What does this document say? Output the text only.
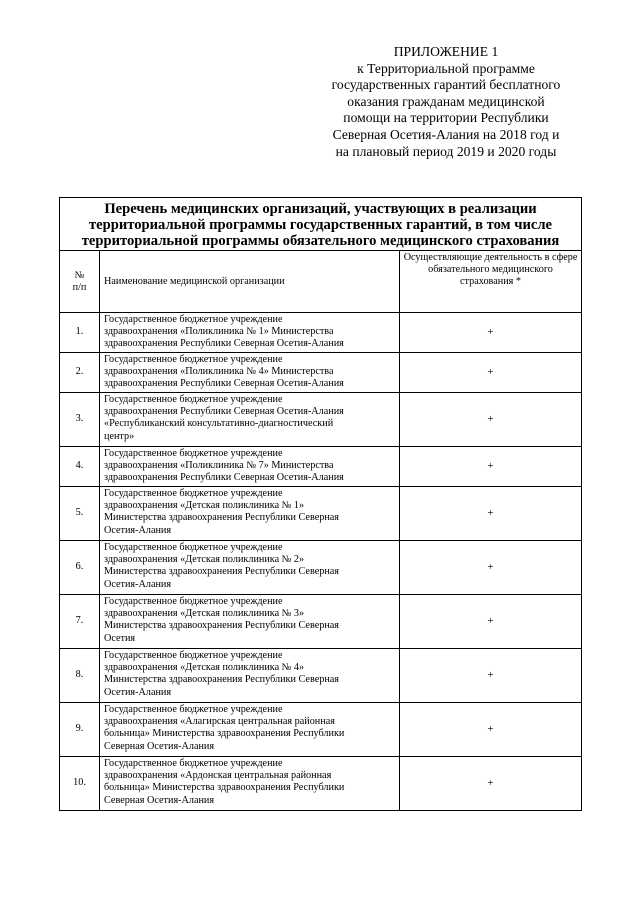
ПРИЛОЖЕНИЕ 1
к Территориальной программе
государственных гарантий бесплатного
оказания гражданам медицинской
помощи на территории Республики
Северная Осетия-Алания на 2018 год и
на плановый период 2019 и 2020 годы
Перечень медицинских организаций, участвующих в реализации
территориальной программы государственных гарантий, в том числе
территориальной программы обязательного медицинского страхования		

№
п/п	Наименование медицинской организации	Осуществляющие деятельность в сфере обязательного медицинского страхования *
1.	Государственное бюджетное учреждение
здравоохранения «Поликлиника № 1» Министерства
здравоохранения Республики Северная Осетия-Алания	+
2.	Государственное бюджетное учреждение
здравоохранения «Поликлиника № 4» Министерства
здравоохранения Республики Северная Осетия-Алания	+
3.	Государственное бюджетное учреждение
здравоохранения Республики Северная Осетия-Алания
«Республиканский консультативно-диагностический
центр»	+
4.	Государственное бюджетное учреждение
здравоохранения «Поликлиника № 7» Министерства
здравоохранения Республики Северная Осетия-Алания	+
5.	Государственное бюджетное учреждение
здравоохранения «Детская поликлиника № 1»
Министерства здравоохранения Республики Северная
Осетия-Алания	+
6.	Государственное бюджетное учреждение
здравоохранения «Детская поликлиника № 2»
Министерства здравоохранения Республики Северная
Осетия-Алания	+
7.	Государственное бюджетное учреждение
здравоохранения «Детская поликлиника № 3»
Министерства здравоохранения Республики Северная
Осетия	+
8.	Государственное бюджетное учреждение
здравоохранения «Детская поликлиника № 4»
Министерства здравоохранения Республики Северная
Осетия-Алания	+
9.	Государственное бюджетное учреждение
здравоохранения «Алагирская центральная районная
больница» Министерства здравоохранения Республики
Северная Осетия-Алания	+
10.	Государственное бюджетное учреждение
здравоохранения «Ардонская центральная районная
больница» Министерства здравоохранения Республики
Северная Осетия-Алания	+
